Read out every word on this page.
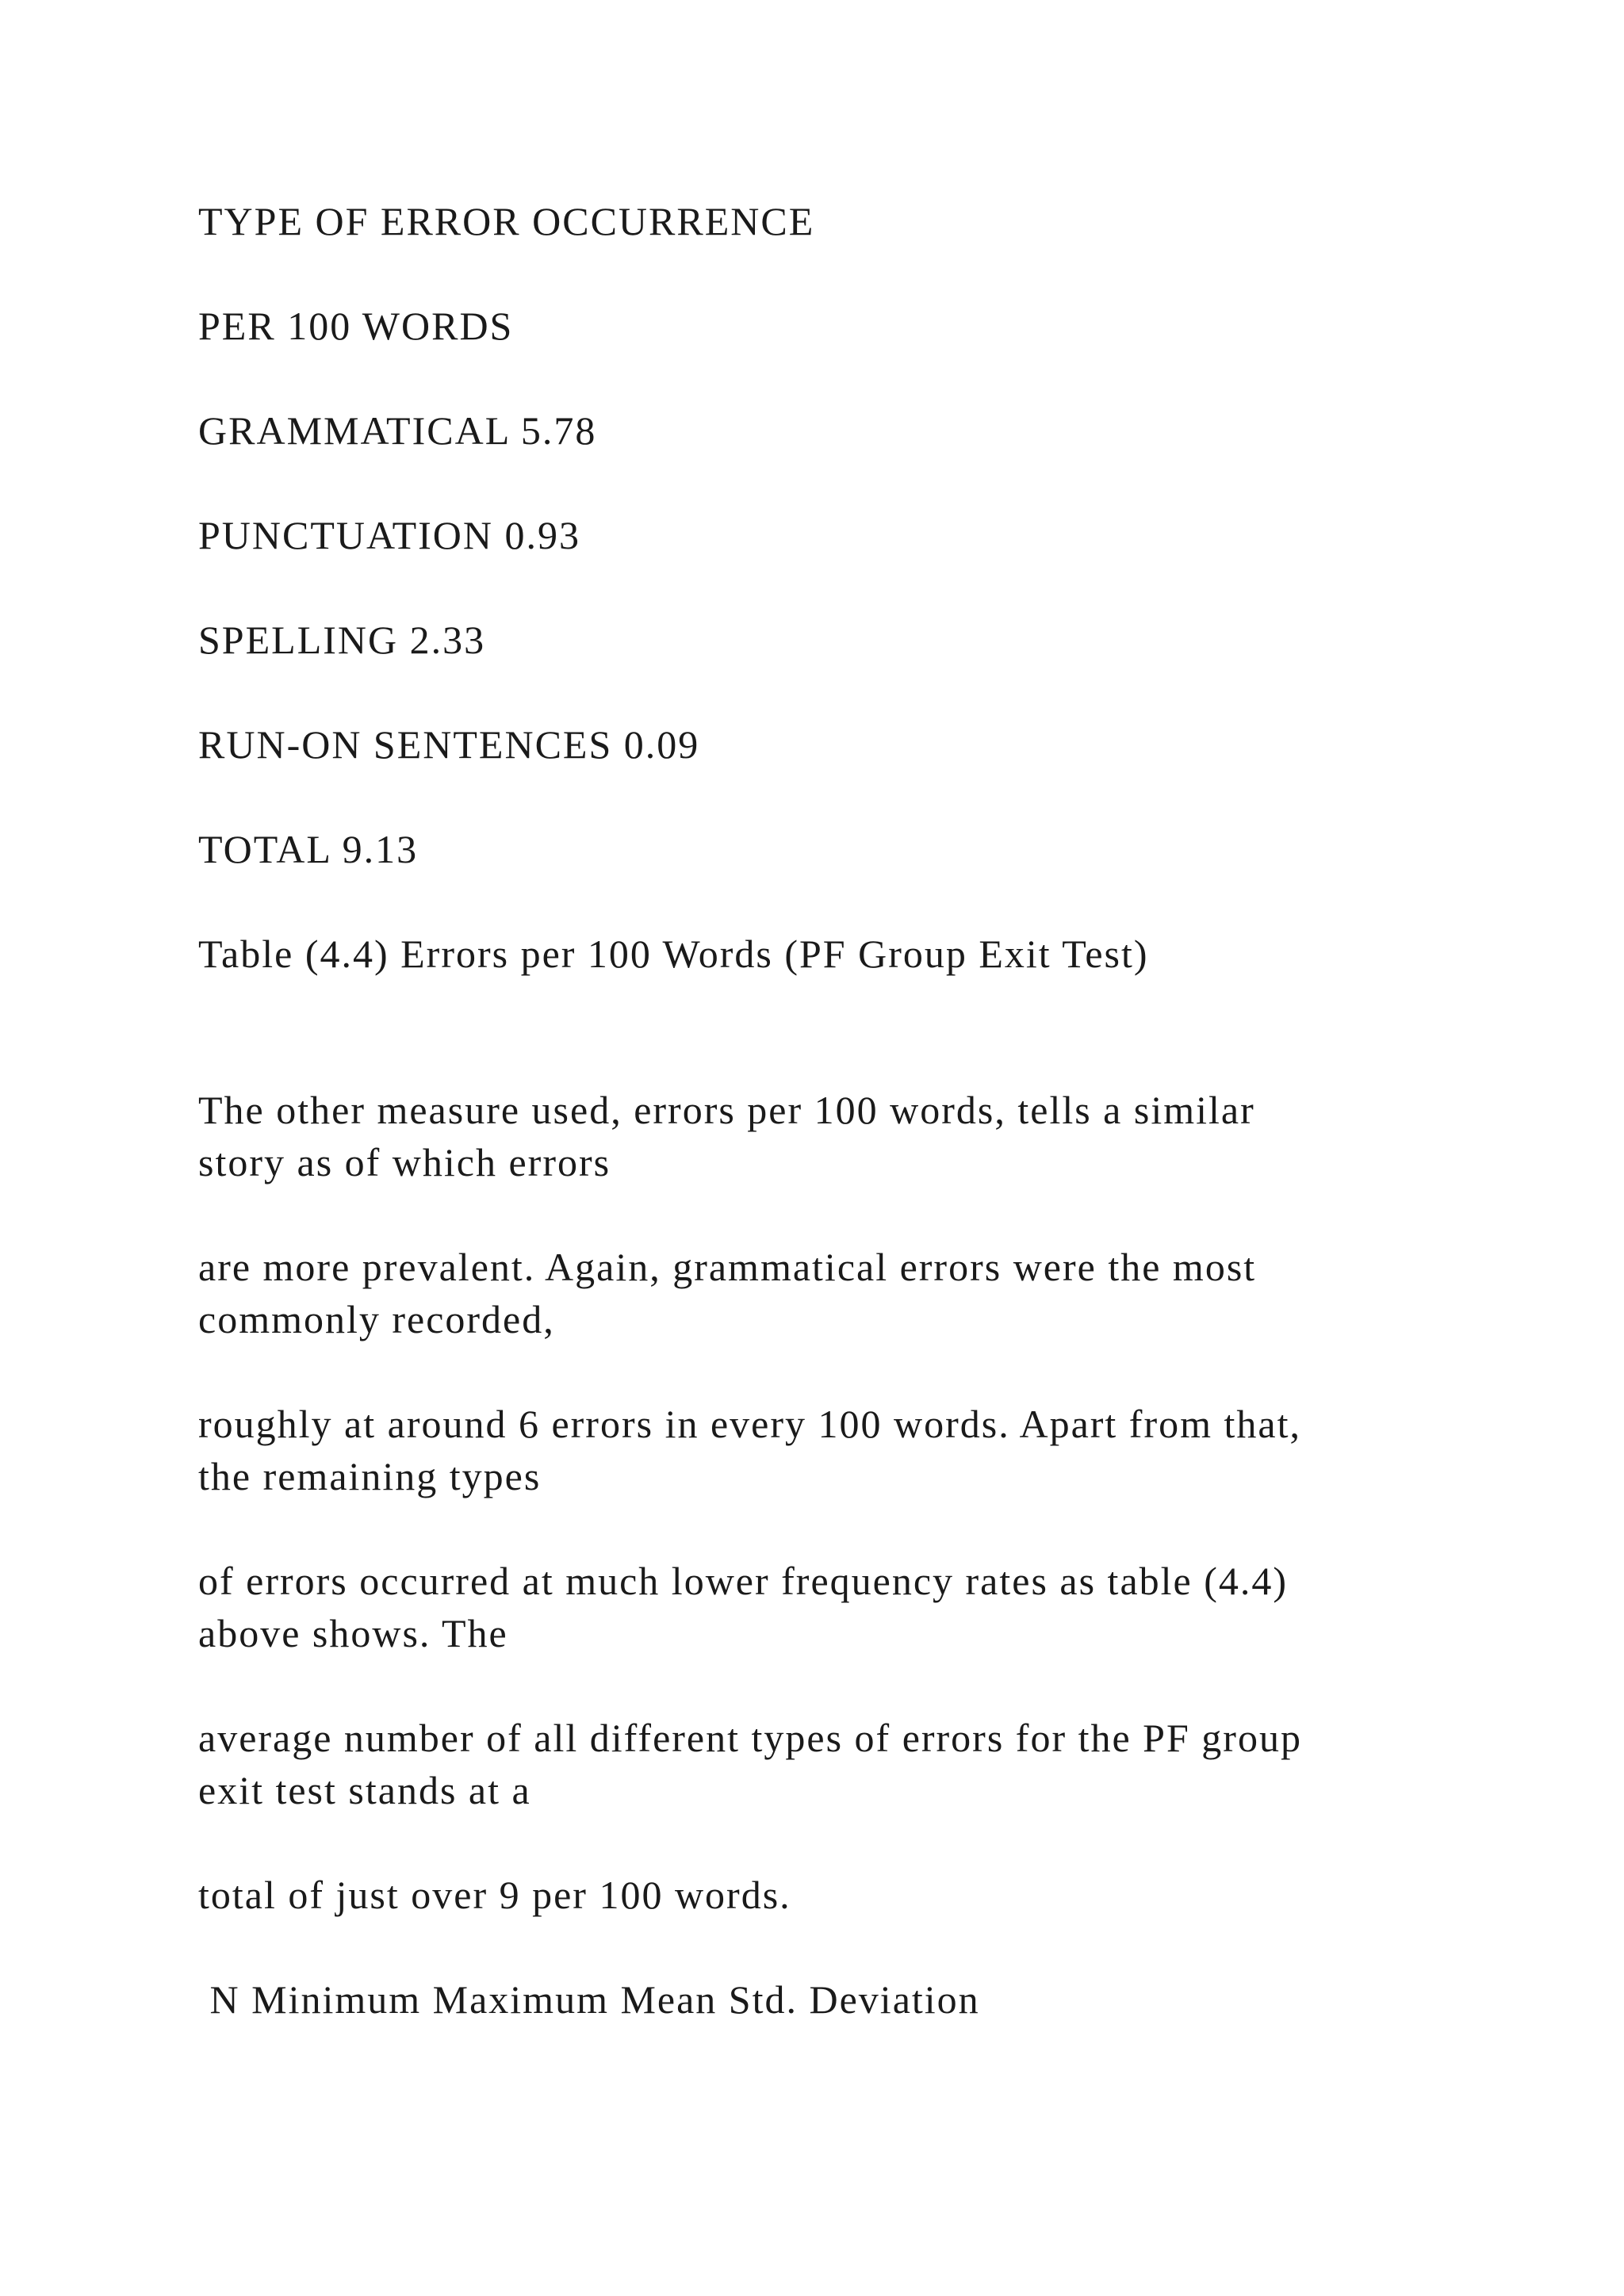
TYPE OF ERROR OCCURRENCE

PER 100 WORDS

GRAMMATICAL 5.78

PUNCTUATION 0.93

SPELLING 2.33

RUN-ON SENTENCES 0.09

TOTAL 9.13

Table (4.4) Errors per 100 Words (PF Group Exit Test)

The other measure used, errors per 100 words, tells a similar
story as of which errors
are more prevalent. Again, grammatical errors were the most
commonly recorded,
roughly at around 6 errors in every 100 words. Apart from that,
the remaining types
of errors occurred at much lower frequency rates as table (4.4)
above shows. The
average number of all different types of errors for the PF group
exit test stands at a
total of just over 9 per 100 words.

N Minimum Maximum Mean Std. Deviation
